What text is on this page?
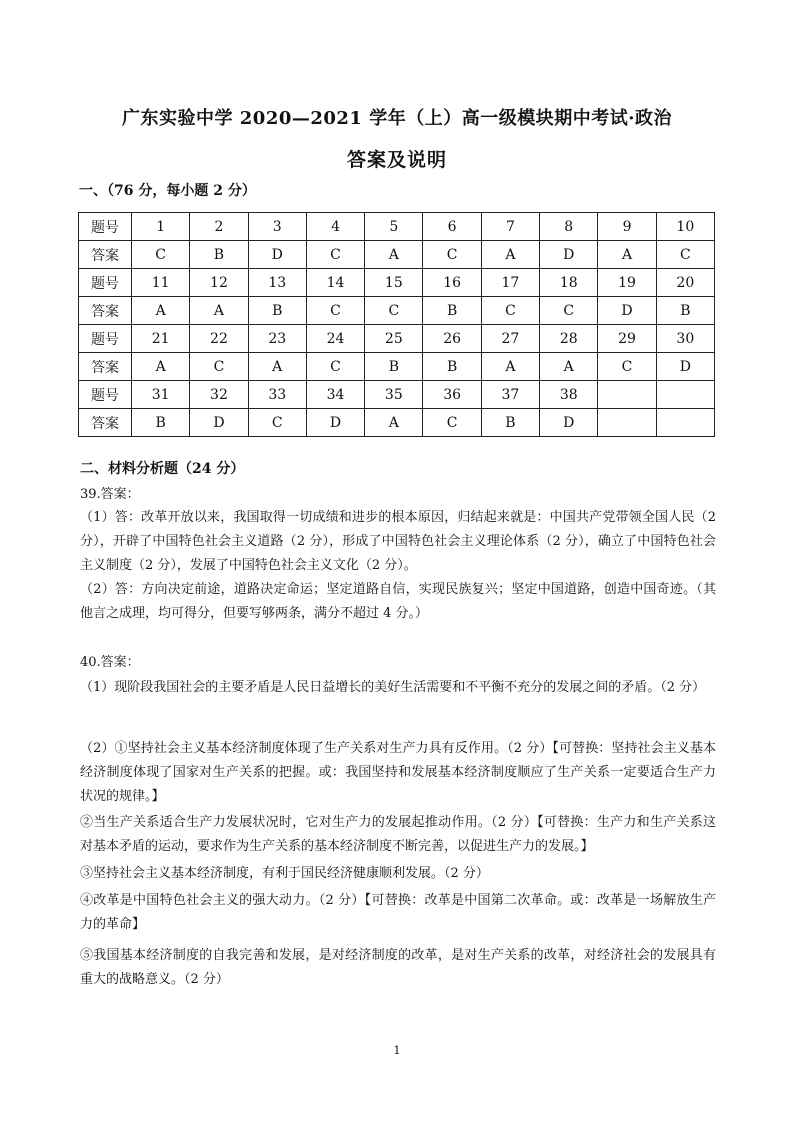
广东实验中学 2020—2021 学年（上）高一级模块期中考试·政治
答案及说明
一、（76 分，每小题 2 分）
题号	1	2	3	4	5	6	7	8	9	10
答案	C	B	D	C	A	C	A	D	A	C
题号	11	12	13	14	15	16	17	18	19	20
答案	A	A	B	C	C	B	C	C	D	B
题号	21	22	23	24	25	26	27	28	29	30
答案	A	C	A	C	B	B	A	A	C	D
题号	31	32	33	34	35	36	37	38		
答案	B	D	C	D	A	C	B	D		
二、材料分析题（24 分）
39.答案：
（1）答：改革开放以来，我国取得一切成绩和进步的根本原因，归结起来就是：中国共产党带领全国人民（2 分），开辟了中国特色社会主义道路（2 分），形成了中国特色社会主义理论体系（2 分），确立了中国特色社会主义制度（2 分），发展了中国特色社会主义文化（2 分）。
（2）答：方向决定前途，道路决定命运；坚定道路自信，实现民族复兴；坚定中国道路，创造中国奇迹。（其他言之成理，均可得分，但要写够两条，满分不超过 4 分。）
40.答案：
（1）现阶段我国社会的主要矛盾是人民日益增长的美好生活需要和不平衡不充分的发展之间的矛盾。（2 分）
（2）①坚持社会主义基本经济制度体现了生产关系对生产力具有反作用。（2 分）【可替换：坚持社会主义基本经济制度体现了国家对生产关系的把握。或：我国坚持和发展基本经济制度顺应了生产关系一定要适合生产力状况的规律。】
②当生产关系适合生产力发展状况时，它对生产力的发展起推动作用。（2 分）【可替换：生产力和生产关系这对基本矛盾的运动，要求作为生产关系的基本经济制度不断完善，以促进生产力的发展。】
③坚持社会主义基本经济制度，有利于国民经济健康顺利发展。（2 分）
④改革是中国特色社会主义的强大动力。（2 分）【可替换：改革是中国第二次革命。或：改革是一场解放生产力的革命】
⑤我国基本经济制度的自我完善和发展，是对经济制度的改革，是对生产关系的改革，对经济社会的发展具有重大的战略意义。（2 分）
1
